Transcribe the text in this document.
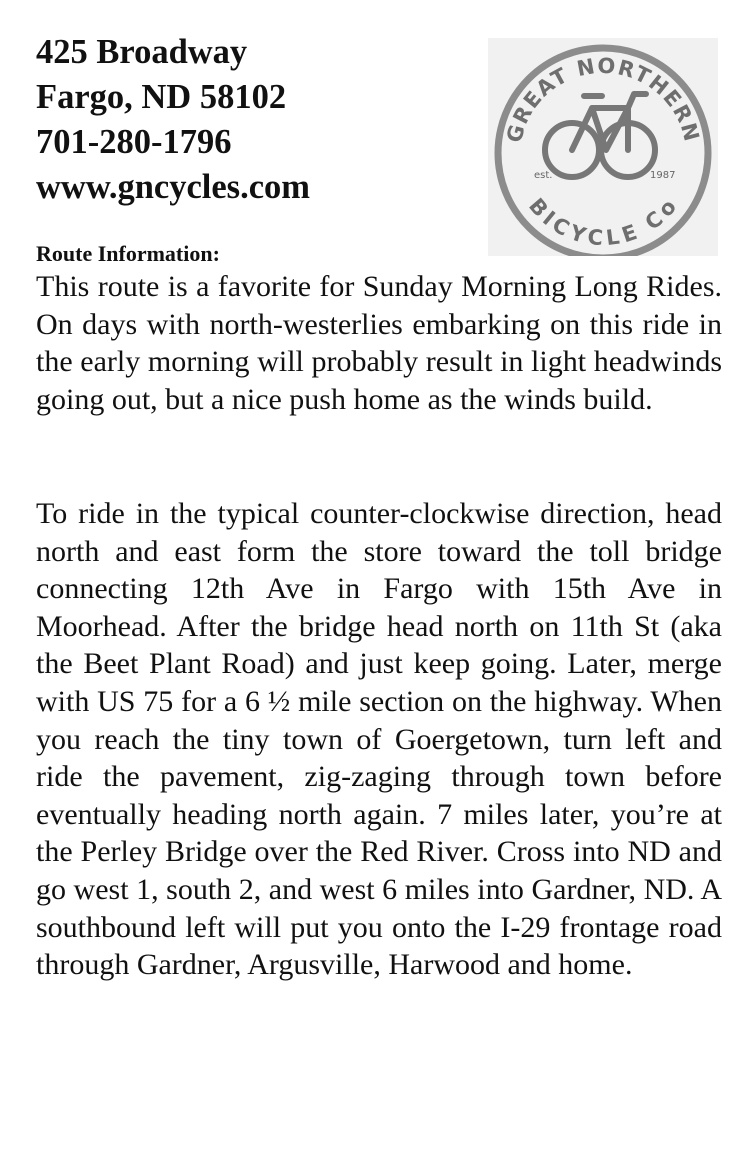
425 Broadway
Fargo, ND 58102
701-280-1796
www.gncycles.com
GREAT NORTHERN
BICYCLE Co
est.	1987
Route Information:

This route is a favorite for Sunday Morning Long Rides. On days with north-westerlies embarking on this ride in the early morning will probably result in light headwinds going out, but a nice push home as the winds build.

To ride in the typical counter-clockwise direction, head north and east form the store toward the toll bridge connecting 12th Ave in Fargo with 15th Ave in Moorhead. After the bridge head north on 11th St (aka the Beet Plant Road) and just keep going. Later, merge with US 75 for a 6 ½ mile section on the highway. When you reach the tiny town of Goergetown, turn left and ride the pavement, zig-zaging through town before eventually heading north again. 7 miles later, you’re at the Perley Bridge over the Red River. Cross into ND and go west 1, south 2, and west 6 miles into Gardner, ND. A southbound left will put you onto the I-29 frontage road through Gardner, Argusville, Harwood and home.
